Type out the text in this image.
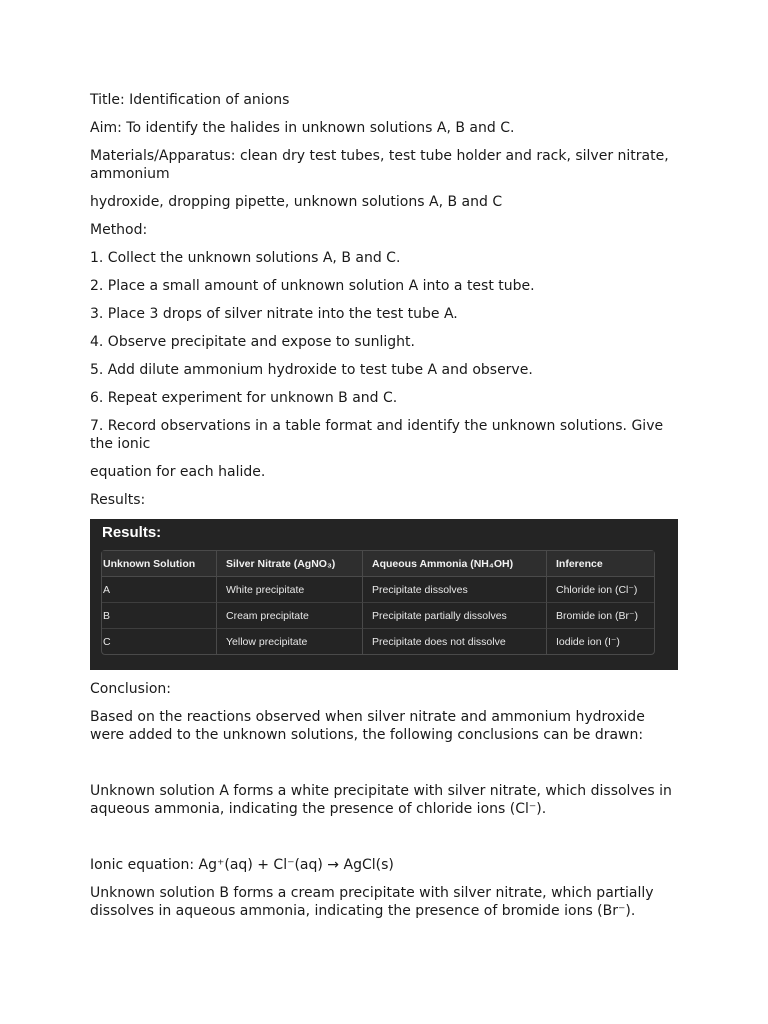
Title: Identification of anions

Aim: To identify the halides in unknown solutions A, B and C.

Materials/Apparatus: clean dry test tubes, test tube holder and rack, silver nitrate, ammonium

hydroxide, dropping pipette, unknown solutions A, B and C

Method:

1. Collect the unknown solutions A, B and C.

2. Place a small amount of unknown solution A into a test tube.

3. Place 3 drops of silver nitrate into the test tube A.

4. Observe precipitate and expose to sunlight.

5. Add dilute ammonium hydroxide to test tube A and observe.

6. Repeat experiment for unknown B and C.

7. Record observations in a table format and identify the unknown solutions. Give the ionic

equation for each halide.

Results:

Results:
Unknown Solution	Silver Nitrate (AgNO₃)	Aqueous Ammonia (NH₄OH)	Inference
A	White precipitate	Precipitate dissolves	Chloride ion (Cl⁻)
B	Cream precipitate	Precipitate partially dissolves	Bromide ion (Br⁻)
C	Yellow precipitate	Precipitate does not dissolve	Iodide ion (I⁻)

Conclusion:

Based on the reactions observed when silver nitrate and ammonium hydroxide were added to the unknown solutions, the following conclusions can be drawn:

Unknown solution A forms a white precipitate with silver nitrate, which dissolves in aqueous ammonia, indicating the presence of chloride ions (Cl⁻).

Ionic equation: Ag⁺(aq) + Cl⁻(aq) → AgCl(s)

Unknown solution B forms a cream precipitate with silver nitrate, which partially dissolves in aqueous ammonia, indicating the presence of bromide ions (Br⁻).
